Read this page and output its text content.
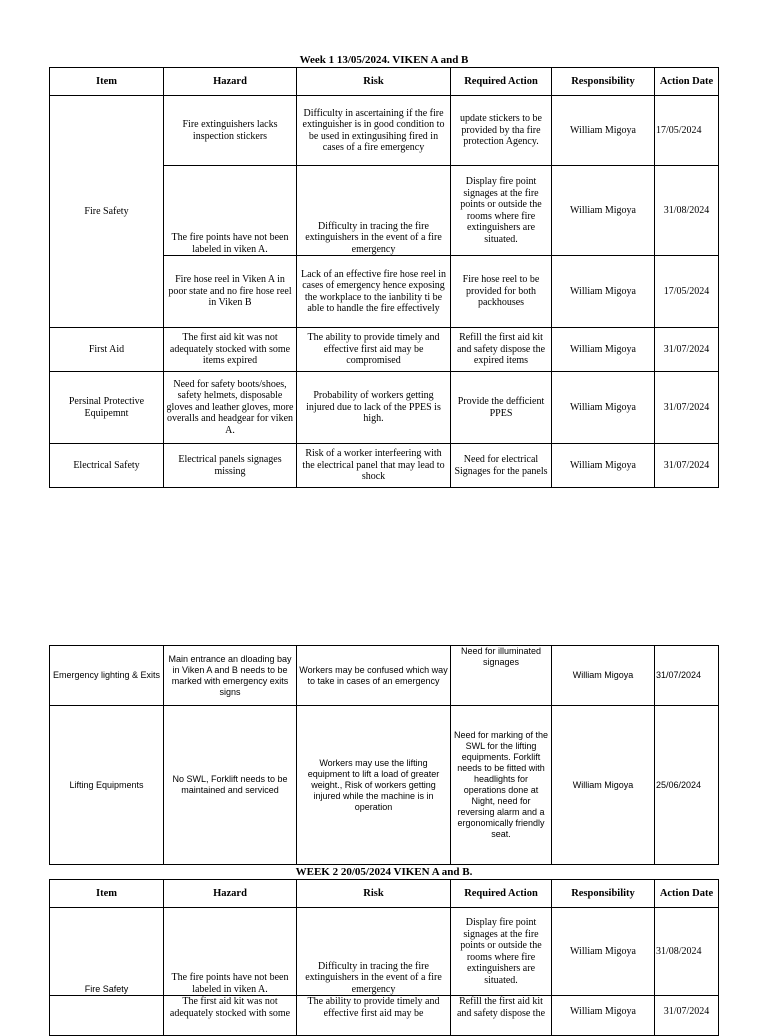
Week 1 13/05/2024. VIKEN A and B
Item	Hazard	Risk	Required Action	Responsibility	Action Date
Fire Safety	Fire extinguishers lacks inspection stickers	Difficulty in ascertaining if the fire extinguisher is in good condition to be used in extingusihing fired in cases of a fire emergency	update stickers to be provided by tha fire protection Agency.	William Migoya	17/05/2024
	The fire points have not been labeled in viken A.	Difficulty in tracing the fire extinguishers in the event of a fire emergency	Display fire point signages at the fire points or outside the rooms where fire extinguishers are situated.	William Migoya	31/08/2024
	Fire hose reel in Viken A in poor state and no fire hose reel in Viken B	Lack of an effective fire hose reel in cases of emergency hence exposing the workplace to the ianbility ti be able to handle the fire effectively	Fire hose reel to be provided for both packhouses	William Migoya	17/05/2024
First Aid	The first aid kit was not adequately stocked with some items expired	The ability to provide timely and effective first aid may be compromised	Refill the first aid kit and safety dispose the expired items	William Migoya	31/07/2024
Persinal Protective Equipemnt	Need for safety boots/shoes, safety helmets, disposable gloves and leather gloves, more overalls and headgear for viken A.	Probability of workers getting injured due to lack of the PPES is high.	Provide the defficient PPES	William Migoya	31/07/2024
Electrical Safety	Electrical panels signages missing	Risk of a worker interfeering with the electrical panel that may lead to shock	Need for electrical Signages for the panels	William Migoya	31/07/2024
Emergency lighting & Exits	Main entrance an dloading bay in Viken A and B needs to be marked with emergency exits signs	Workers may be confused which way to take in cases of an emergency	Need for illuminated signages	William Migoya	31/07/2024
Lifting Equipments	No SWL, Forklift needs to be maintained and serviced	Workers may use the lifting equipment to lift a load of greater weight., Risk of workers getting injured while the machine is in operation	Need for marking of the SWL for the lifting equipments. Forklift needs to be fitted with headlights for operations done at Night, need for reversing alarm and a ergonomically friendly seat.	William Migoya	25/06/2024
WEEK 2 20/05/2024 VIKEN A and B.
Item	Hazard	Risk	Required Action	Responsibility	Action Date
Fire Safety	The fire points have not been labeled in viken A.	Difficulty in tracing the fire extinguishers in the event of a fire emergency	Display fire point signages at the fire points or outside the rooms where fire extinguishers are situated.	William Migoya	31/08/2024
	The first aid kit was not adequately stocked with some	The ability to provide timely and effective first aid may be	Refill the first aid kit and safety dispose the	William Migoya	31/07/2024
